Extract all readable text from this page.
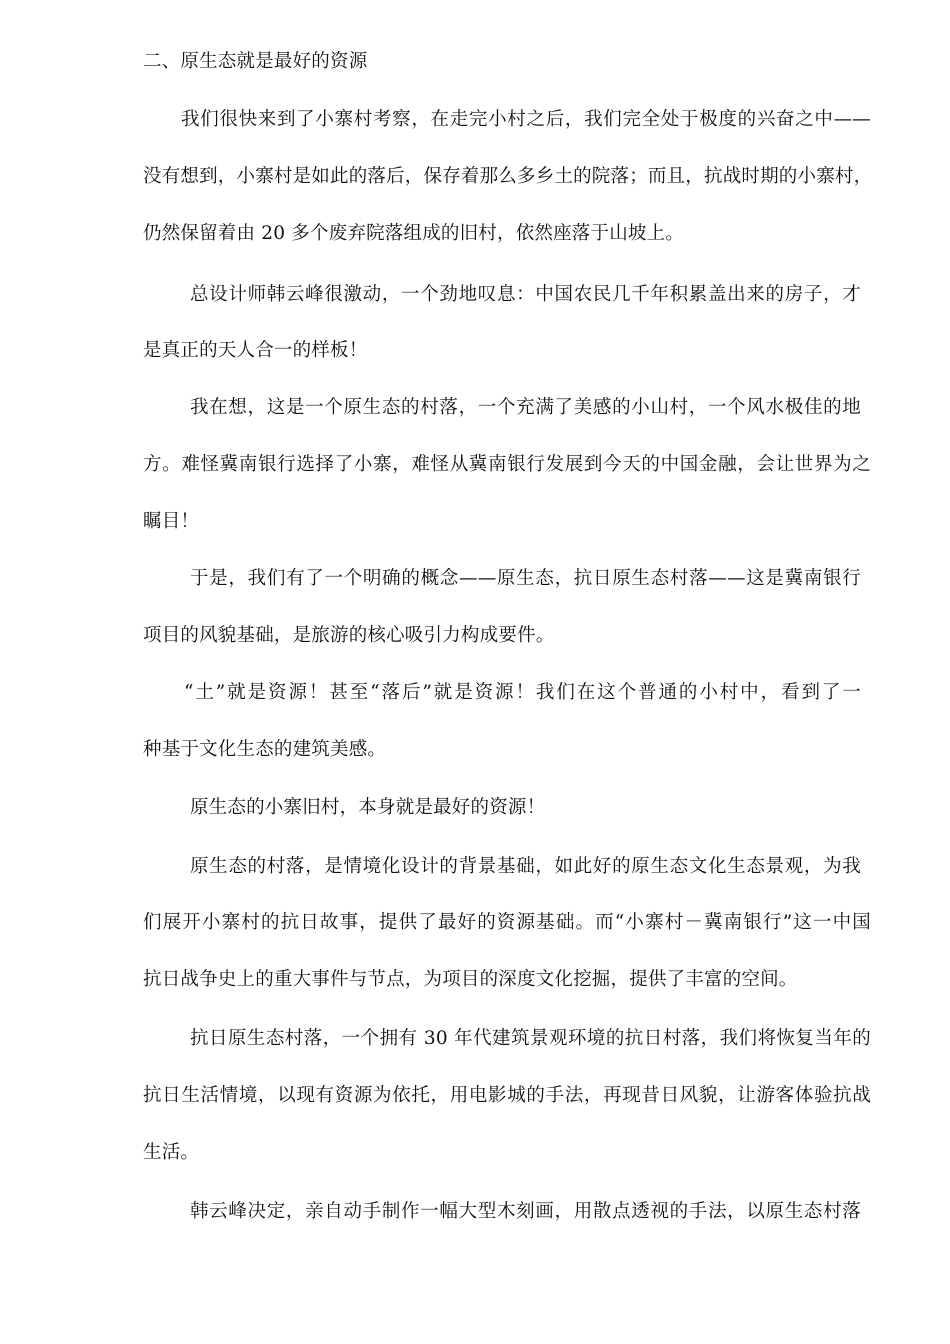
二、原生态就是最好的资源
我们很快来到了小寨村考察，在走完小村之后，我们完全处于极度的兴奋之中——
没有想到，小寨村是如此的落后，保存着那么多乡土的院落；而且，抗战时期的小寨村，
仍然保留着由 20 多个废弃院落组成的旧村，依然座落于山坡上。
总设计师韩云峰很激动，一个劲地叹息：中国农民几千年积累盖出来的房子，才
是真正的天人合一的样板！
我在想，这是一个原生态的村落，一个充满了美感的小山村，一个风水极佳的地
方。难怪冀南银行选择了小寨，难怪从冀南银行发展到今天的中国金融，会让世界为之
瞩目！
于是，我们有了一个明确的概念——原生态，抗日原生态村落——这是冀南银行
项目的风貌基础，是旅游的核心吸引力构成要件。
“土”就是资源！甚至“落后”就是资源！我们在这个普通的小村中，看到了一
种基于文化生态的建筑美感。
原生态的小寨旧村，本身就是最好的资源！
原生态的村落，是情境化设计的背景基础，如此好的原生态文化生态景观，为我
们展开小寨村的抗日故事，提供了最好的资源基础。而“小寨村－冀南银行”这一中国
抗日战争史上的重大事件与节点，为项目的深度文化挖掘，提供了丰富的空间。
抗日原生态村落，一个拥有 30 年代建筑景观环境的抗日村落，我们将恢复当年的
抗日生活情境，以现有资源为依托，用电影城的手法，再现昔日风貌，让游客体验抗战
生活。
韩云峰决定，亲自动手制作一幅大型木刻画，用散点透视的手法，以原生态村落
